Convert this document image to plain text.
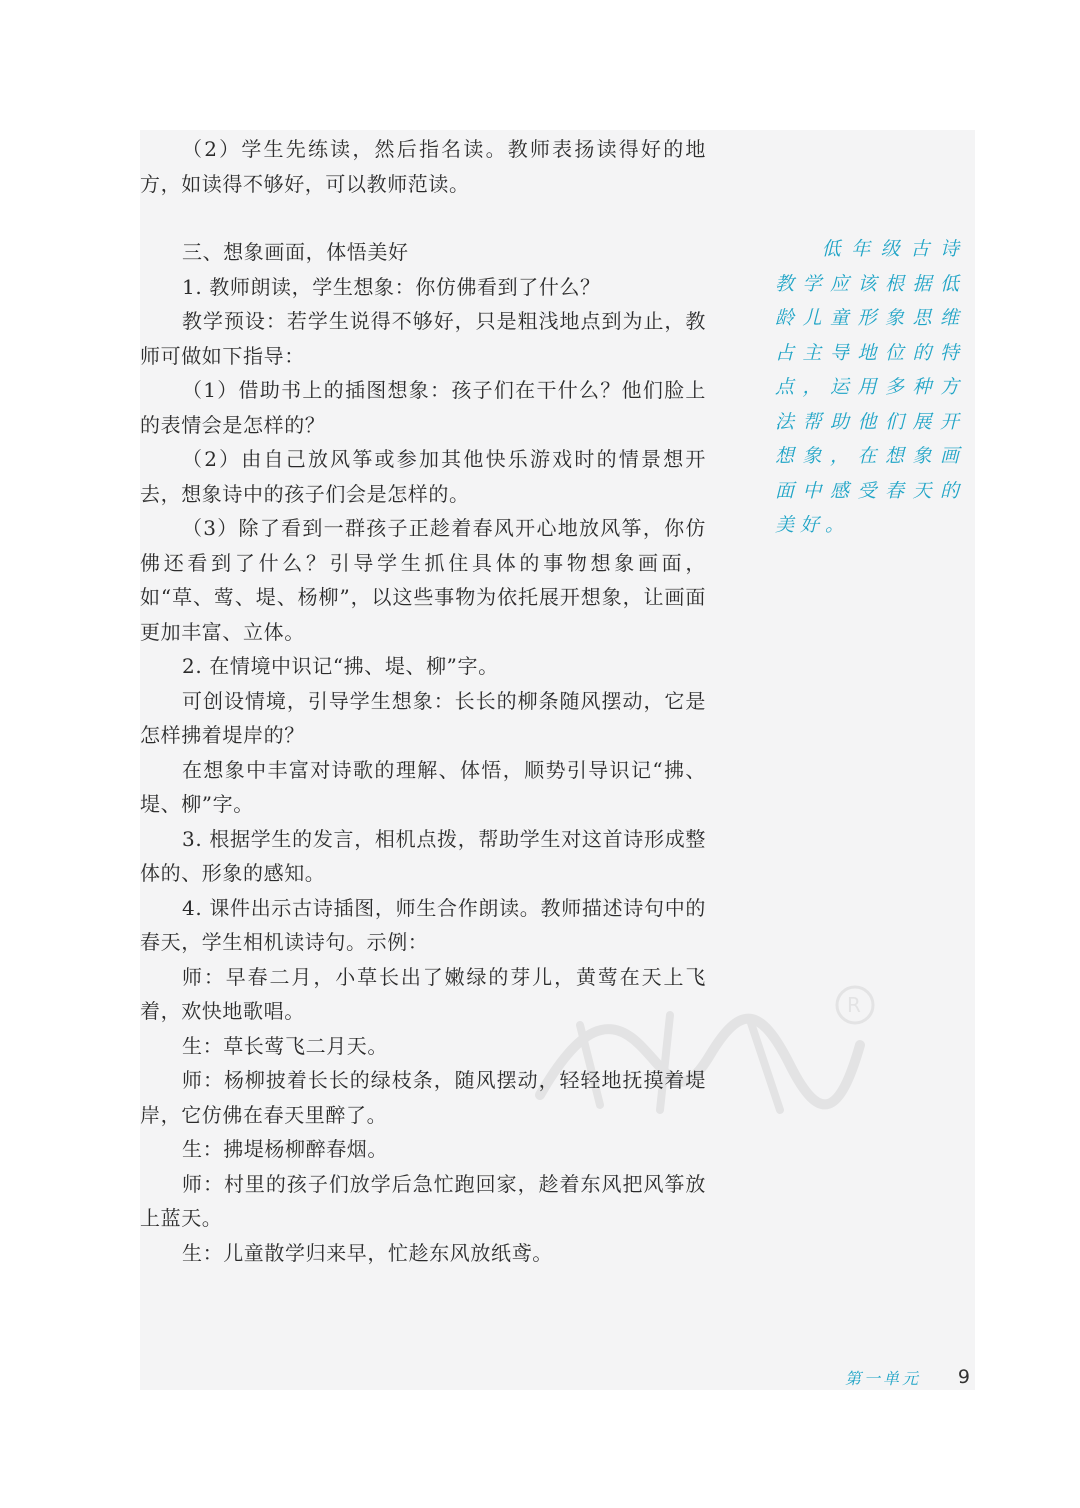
（2）学生先练读，然后指名读。教师表扬读得好的地方，如读得不够好，可以教师范读。

三、想象画面，体悟美好

1. 教师朗读，学生想象：你仿佛看到了什么？

教学预设：若学生说得不够好，只是粗浅地点到为止，教师可做如下指导：

（1）借助书上的插图想象：孩子们在干什么？他们脸上的表情会是怎样的？

（2）由自己放风筝或参加其他快乐游戏时的情景想开去，想象诗中的孩子们会是怎样的。

（3）除了看到一群孩子正趁着春风开心地放风筝，你仿佛还看到了什么？引导学生抓住具体的事物想象画面，如“草、莺、堤、杨柳”，以这些事物为依托展开想象，让画面更加丰富、立体。

2. 在情境中识记“拂、堤、柳”字。

可创设情境，引导学生想象：长长的柳条随风摆动，它是怎样拂着堤岸的？

在想象中丰富对诗歌的理解、体悟，顺势引导识记“拂、堤、柳”字。

3. 根据学生的发言，相机点拨，帮助学生对这首诗形成整体的、形象的感知。

4. 课件出示古诗插图，师生合作朗读。教师描述诗句中的春天，学生相机读诗句。示例：

师：早春二月，小草长出了嫩绿的芽儿，黄莺在天上飞着，欢快地歌唱。

生：草长莺飞二月天。

师：杨柳披着长长的绿枝条，随风摆动，轻轻地抚摸着堤岸，它仿佛在春天里醉了。

生：拂堤杨柳醉春烟。

师：村里的孩子们放学后急忙跑回家，趁着东风把风筝放上蓝天。

生：儿童散学归来早，忙趁东风放纸鸢。

低年级古诗教学应该根据低龄儿童形象思维占主导地位的特点，运用多种方法帮助他们展开想象，在想象画面中感受春天的美好。
第一单元 9
